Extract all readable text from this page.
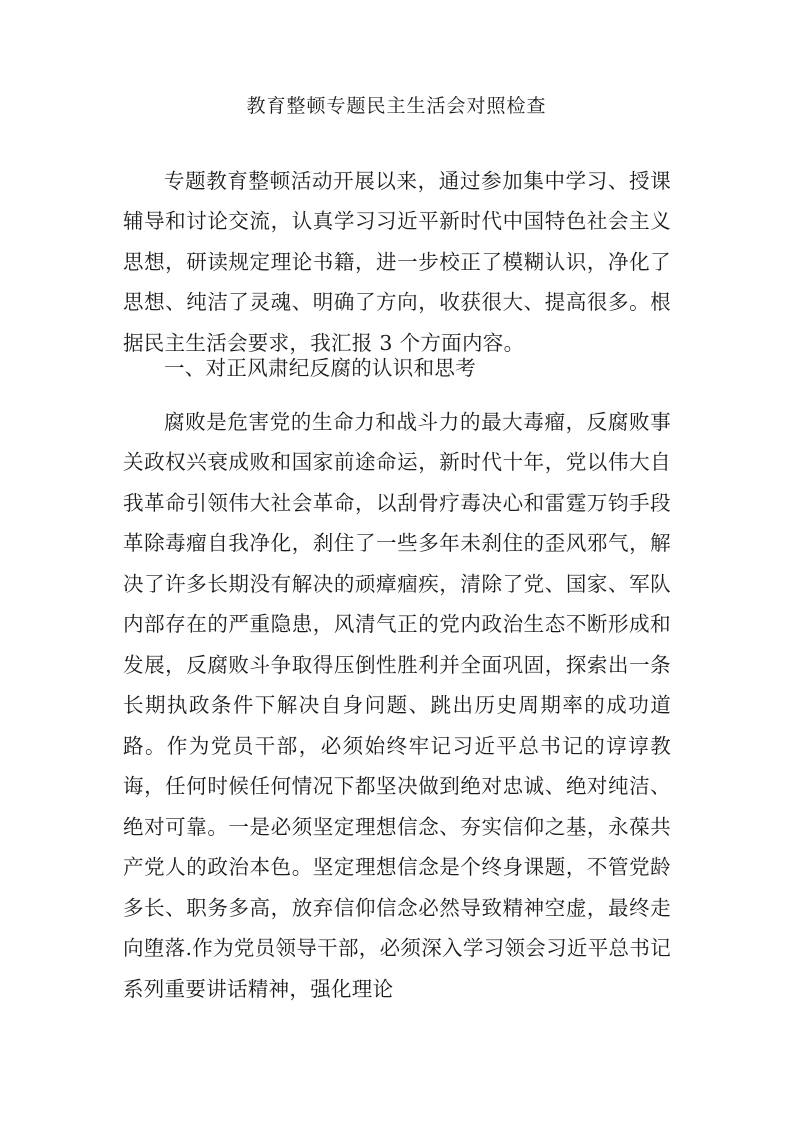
教育整顿专题民主生活会对照检查

专题教育整顿活动开展以来，通过参加集中学习、授课辅导和讨论交流，认真学习习近平新时代中国特色社会主义思想，研读规定理论书籍，进一步校正了模糊认识，净化了思想、纯洁了灵魂、明确了方向，收获很大、提高很多。根据民主生活会要求，我汇报 3 个方面内容。

一、对正风肃纪反腐的认识和思考

腐败是危害党的生命力和战斗力的最大毒瘤，反腐败事关政权兴衰成败和国家前途命运，新时代十年，党以伟大自我革命引领伟大社会革命，以刮骨疗毒决心和雷霆万钧手段革除毒瘤自我净化，刹住了一些多年未刹住的歪风邪气，解决了许多长期没有解决的顽瘴痼疾，清除了党、国家、军队内部存在的严重隐患，风清气正的党内政治生态不断形成和发展，反腐败斗争取得压倒性胜利并全面巩固，探索出一条长期执政条件下解决自身问题、跳出历史周期率的成功道路。作为党员干部，必须始终牢记习近平总书记的谆谆教诲，任何时候任何情况下都坚决做到绝对忠诚、绝对纯洁、绝对可靠。一是必须坚定理想信念、夯实信仰之基，永葆共产党人的政治本色。坚定理想信念是个终身课题，不管党龄多长、职务多高，放弃信仰信念必然导致精神空虚，最终走向堕落.作为党员领导干部，必须深入学习领会习近平总书记系列重要讲话精神，强化理论
